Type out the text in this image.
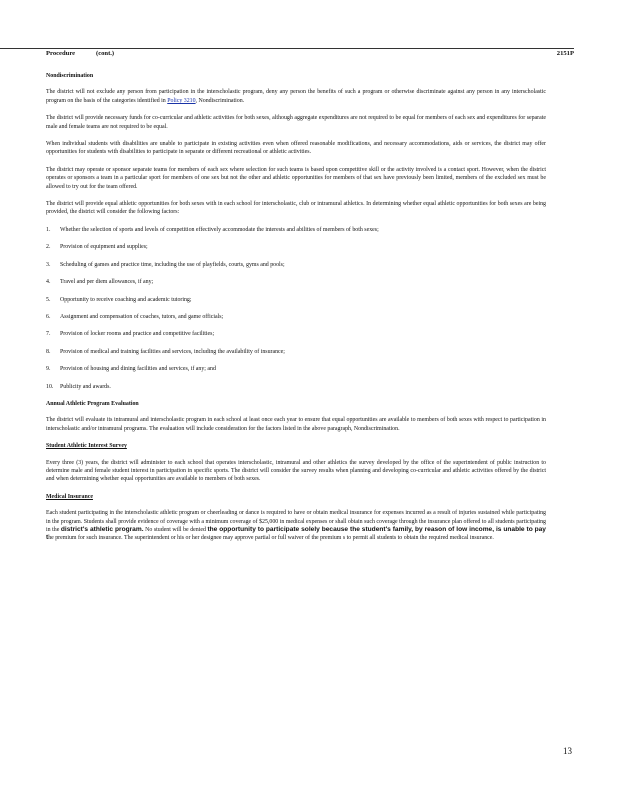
Procedure	(cont.)	2151P
Nondiscrimination

The district will not exclude any person from participation in the interscholastic program, deny any person the benefits of such a program or otherwise discriminate against any person in any interscholastic program on the basis of the categories identified in Policy 3210, Nondiscrimination.

The district will provide necessary funds for co-curricular and athletic activities for both sexes, although aggregate expenditures are not required to be equal for members of each sex and expenditures for separate male and female teams are not required to be equal.

When individual students with disabilities are unable to participate in existing activities even when offered reasonable modifications, and necessary accommodations, aids or services, the district may offer opportunities for students with disabilities to participate in separate or different recreational or athletic activities.

The district may operate or sponsor separate teams for members of each sex where selection for such teams is based upon competitive skill or the activity involved is a contact sport. However, when the district operates or sponsors a team in a particular sport for members of one sex but not the other and athletic opportunities for members of that sex have previously been limited, members of the excluded sex must be allowed to try out for the team offered.

The district will provide equal athletic opportunities for both sexes with in each school for interscholastic, club or intramural athletics. In determining whether equal athletic opportunities for both sexes are being provided, the district will consider the following factors:

1. Whether the selection of sports and levels of competition effectively accommodate the interests and abilities of members of both sexes;
2. Provision of equipment and supplies;
3. Scheduling of games and practice time, including the use of playfields, courts, gyms and pools;
4. Travel and per diem allowances, if any;
5. Opportunity to receive coaching and academic tutoring;
6. Assignment and compensation of coaches, tutors, and game officials;
7. Provision of locker rooms and practice and competitive facilities;
8. Provision of medical and training facilities and services, including the availability of insurance;
9. Provision of housing and dining facilities and services, if any; and
10. Publicity and awards.
Annual Athletic Program Evaluation

The district will evaluate its intramural and interscholastic program in each school at least once each year to ensure that equal opportunities are available to members of both sexes with respect to participation in interscholastic and/or intramural programs. The evaluation will include consideration for the factors listed in the above paragraph, Nondiscrimination.

Student Athletic Interest Survey

Every three (3) years, the district will administer to each school that operates interscholastic, intramural and other athletics the survey developed by the office of the superintendent of public instruction to determine male and female student interest in participation in specific sports. The district will consider the survey results when planning and developing co-curricular and athletic activities offered by the district and when determining whether equal opportunities are available to members of both sexes.

Medical Insurance

Each student participating in the interscholastic athletic program or cheerleading or dance is required to have or obtain medical insurance for expenses incurred as a result of injuries sustained while participating in the program. Students shall provide evidence of coverage with a minimum coverage of $25,000 in medical expenses or shall obtain such coverage through the insurance plan offered to all students participating in the district's athletic program. No student will be denied the opportunity to participate solely because the student's family, by reason of low income, is unable to pay the premium for such insurance. The superintendent or his or her designee may approve partial or full waiver of the premium s to permit all students to obtain the required medical insurance.

13
